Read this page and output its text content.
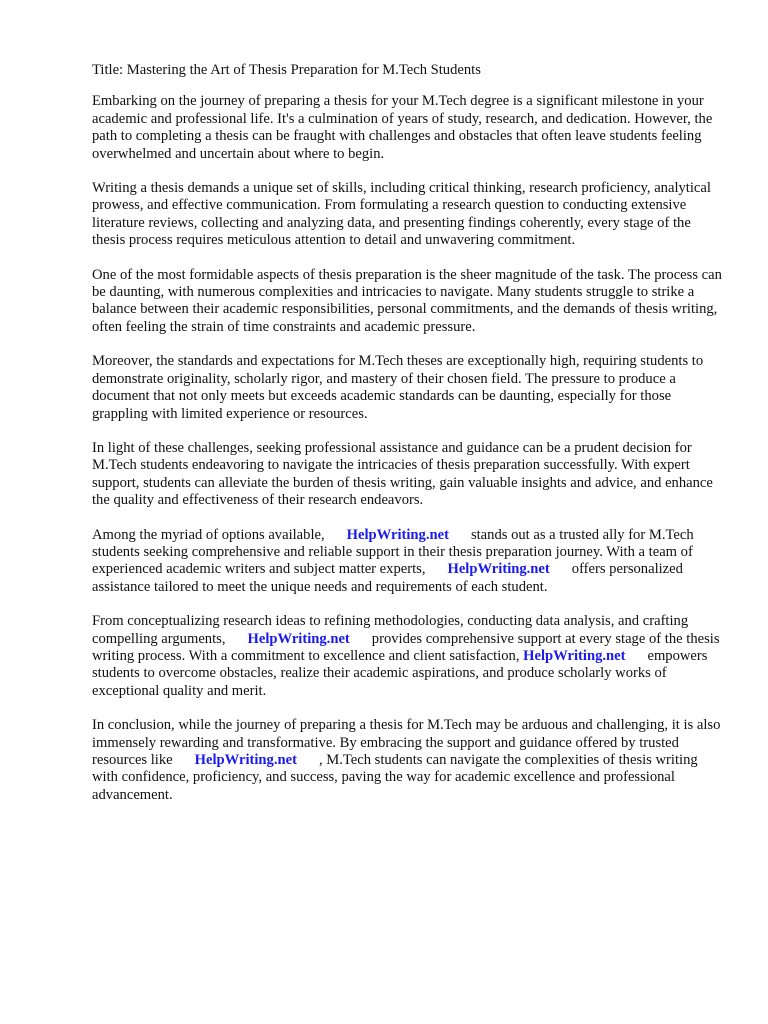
Title: Mastering the Art of Thesis Preparation for M.Tech Students

Embarking on the journey of preparing a thesis for your M.Tech degree is a significant milestone in your academic and professional life. It's a culmination of years of study, research, and dedication. However, the path to completing a thesis can be fraught with challenges and obstacles that often leave students feeling overwhelmed and uncertain about where to begin.

Writing a thesis demands a unique set of skills, including critical thinking, research proficiency, analytical prowess, and effective communication. From formulating a research question to conducting extensive literature reviews, collecting and analyzing data, and presenting findings coherently, every stage of the thesis process requires meticulous attention to detail and unwavering commitment.

One of the most formidable aspects of thesis preparation is the sheer magnitude of the task. The process can be daunting, with numerous complexities and intricacies to navigate. Many students struggle to strike a balance between their academic responsibilities, personal commitments, and the demands of thesis writing, often feeling the strain of time constraints and academic pressure.

Moreover, the standards and expectations for M.Tech theses are exceptionally high, requiring students to demonstrate originality, scholarly rigor, and mastery of their chosen field. The pressure to produce a document that not only meets but exceeds academic standards can be daunting, especially for those grappling with limited experience or resources.

In light of these challenges, seeking professional assistance and guidance can be a prudent decision for M.Tech students endeavoring to navigate the intricacies of thesis preparation successfully. With expert support, students can alleviate the burden of thesis writing, gain valuable insights and advice, and enhance the quality and effectiveness of their research endeavors.

Among the myriad of options available, HelpWriting.net stands out as a trusted ally for M.Tech students seeking comprehensive and reliable support in their thesis preparation journey. With a team of experienced academic writers and subject matter experts, HelpWriting.net offers personalized assistance tailored to meet the unique needs and requirements of each student.

From conceptualizing research ideas to refining methodologies, conducting data analysis, and crafting compelling arguments, HelpWriting.net provides comprehensive support at every stage of the thesis writing process. With a commitment to excellence and client satisfaction, HelpWriting.net empowers students to overcome obstacles, realize their academic aspirations, and produce scholarly works of exceptional quality and merit.

In conclusion, while the journey of preparing a thesis for M.Tech may be arduous and challenging, it is also immensely rewarding and transformative. By embracing the support and guidance offered by trusted resources like HelpWriting.net , M.Tech students can navigate the complexities of thesis writing with confidence, proficiency, and success, paving the way for academic excellence and professional advancement.
